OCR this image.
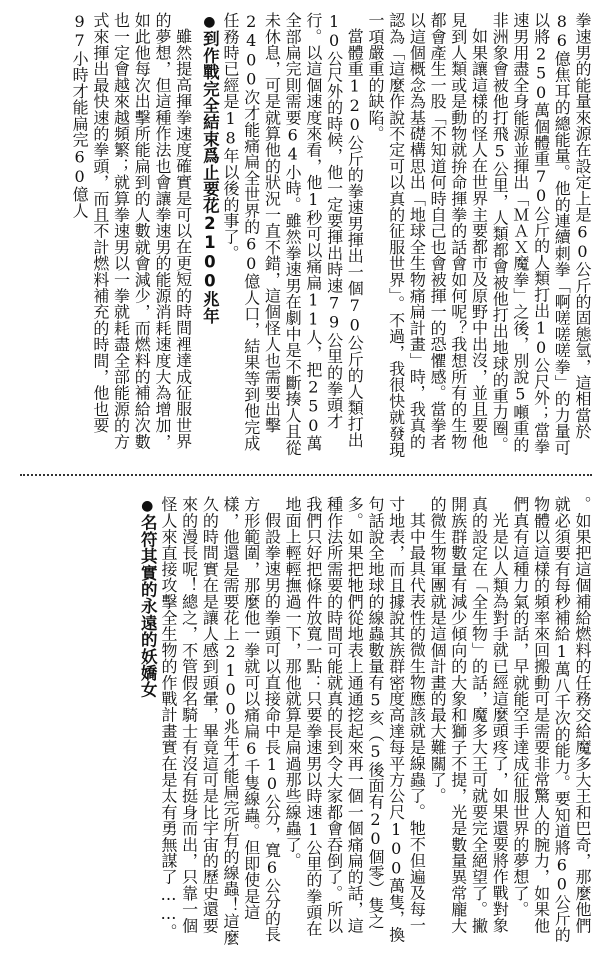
拳速男的能量來源在設定上是60公斤的固態氫，這相當於86億焦耳的總能量。他的連續刺拳「啊嗟嗟嗟拳」的力量可以將250萬個體重70公斤的人類打出10公尺外；當拳速男用盡全身能源並揮出「ＭＡＸ魔拳」之後，別說5噸重的非洲象會被他打飛5公里，人類都會被他打出地球的重力圈。

如果讓這樣的怪人在世界主要都市及原野中出沒，並且要他見到人類或是動物就拚命揮拳的話會如何呢？我想所有的生物都會產生一股「不知道何時自己也會被揮一的恐懼感。當拳者以這個概念為基礎構思出「地球全生物痛扁計畫」時，我真的認為「這麼作說不定可以真的征服世界」。不過，我很快就發現一項嚴重的缺陷。

當體重120公斤的拳速男揮出一個70公斤的人類打出10公尺外的時候，他一定要揮出時速79公里的拳頭才行。以這個速度來看，他1秒可以痛扁11人，把250萬全部扁完則需要64小時。雖然拳速男在劇中是不斷揍人且從未休息，可是就算他的狀況一直不錯，這個怪人也需要出擊2400次才能痛扁全世界的60億人口，結果等到他完成任務時已經是18年以後的事了。

●到作戰完全結束爲止要花2100兆年

雖然提高揮拳速度確實是可以在更短的時間裡達成征服世界的夢想，但這種作法也會讓拳速男的能源消耗速度大為增加，如此他每次出擊所能扁到的人數就會減少，而燃料的補給次數也一定會越來越頻繁；就算拳速男以一拳就耗盡全部能源的方式來揮出最快速的拳頭，而且不計燃料補充的時間，他也要97小時才能扁完60億人

。如果把這個補給燃料的任務交給魔多大王和巴奇，那麼他們就必須要有每秒補給1萬八千次的能力。要知道將60公斤的物體以這樣的頻率來回搬動可是需要非常驚人的腕力，如果他們真有這種力氣的話，早就能空手達成征服世界的夢想了。

光是以人類為對手就已經這麼頭疼了，如果還要將作戰對象真的設定在「全生物」的話，魔多大王可就要完全絕望了。撇開族群數量有減少傾向的大象和獅子不提，光是數量異常龐大的微生物軍團就是這個計畫的最大難關了。

其中最具代表性的微生物應該就是線蟲了。牠不但遍及每一寸地表，而且據說其族群密度高達每平方公尺100萬隻，換句話說全地球的線蟲數量有5亥（5後面有20個零）隻之多。如果把牠們從地表上通通挖起來再一個一個痛扁的話，這種作法所需要的時間可能就真的長到令大家都會吞倒了。所以我們只好把條件放寬一點：只要拳速男以時速1公里的拳頭在地面上輕輕撫過一下，那他就算是扁過那些線蟲了。

假設拳速男的拳頭可以直接命中長10公分，寬6公分的長方形範圍，那麼他一拳就可以痛扁6千隻線蟲。但即使是這樣，他還是需要花上2100兆年才能扁完所有的線蟲！這麼久的時間實在是讓人感到頭暈，畢竟這可是比宇宙的歷史還要來的漫長呢！總之，不管假名騎士有沒有挺身而出，只靠一個怪人來直接攻擊全生物的作戰計畫實在是太有勇無謀了……。

●名符其實的永遠的妖嬌女
